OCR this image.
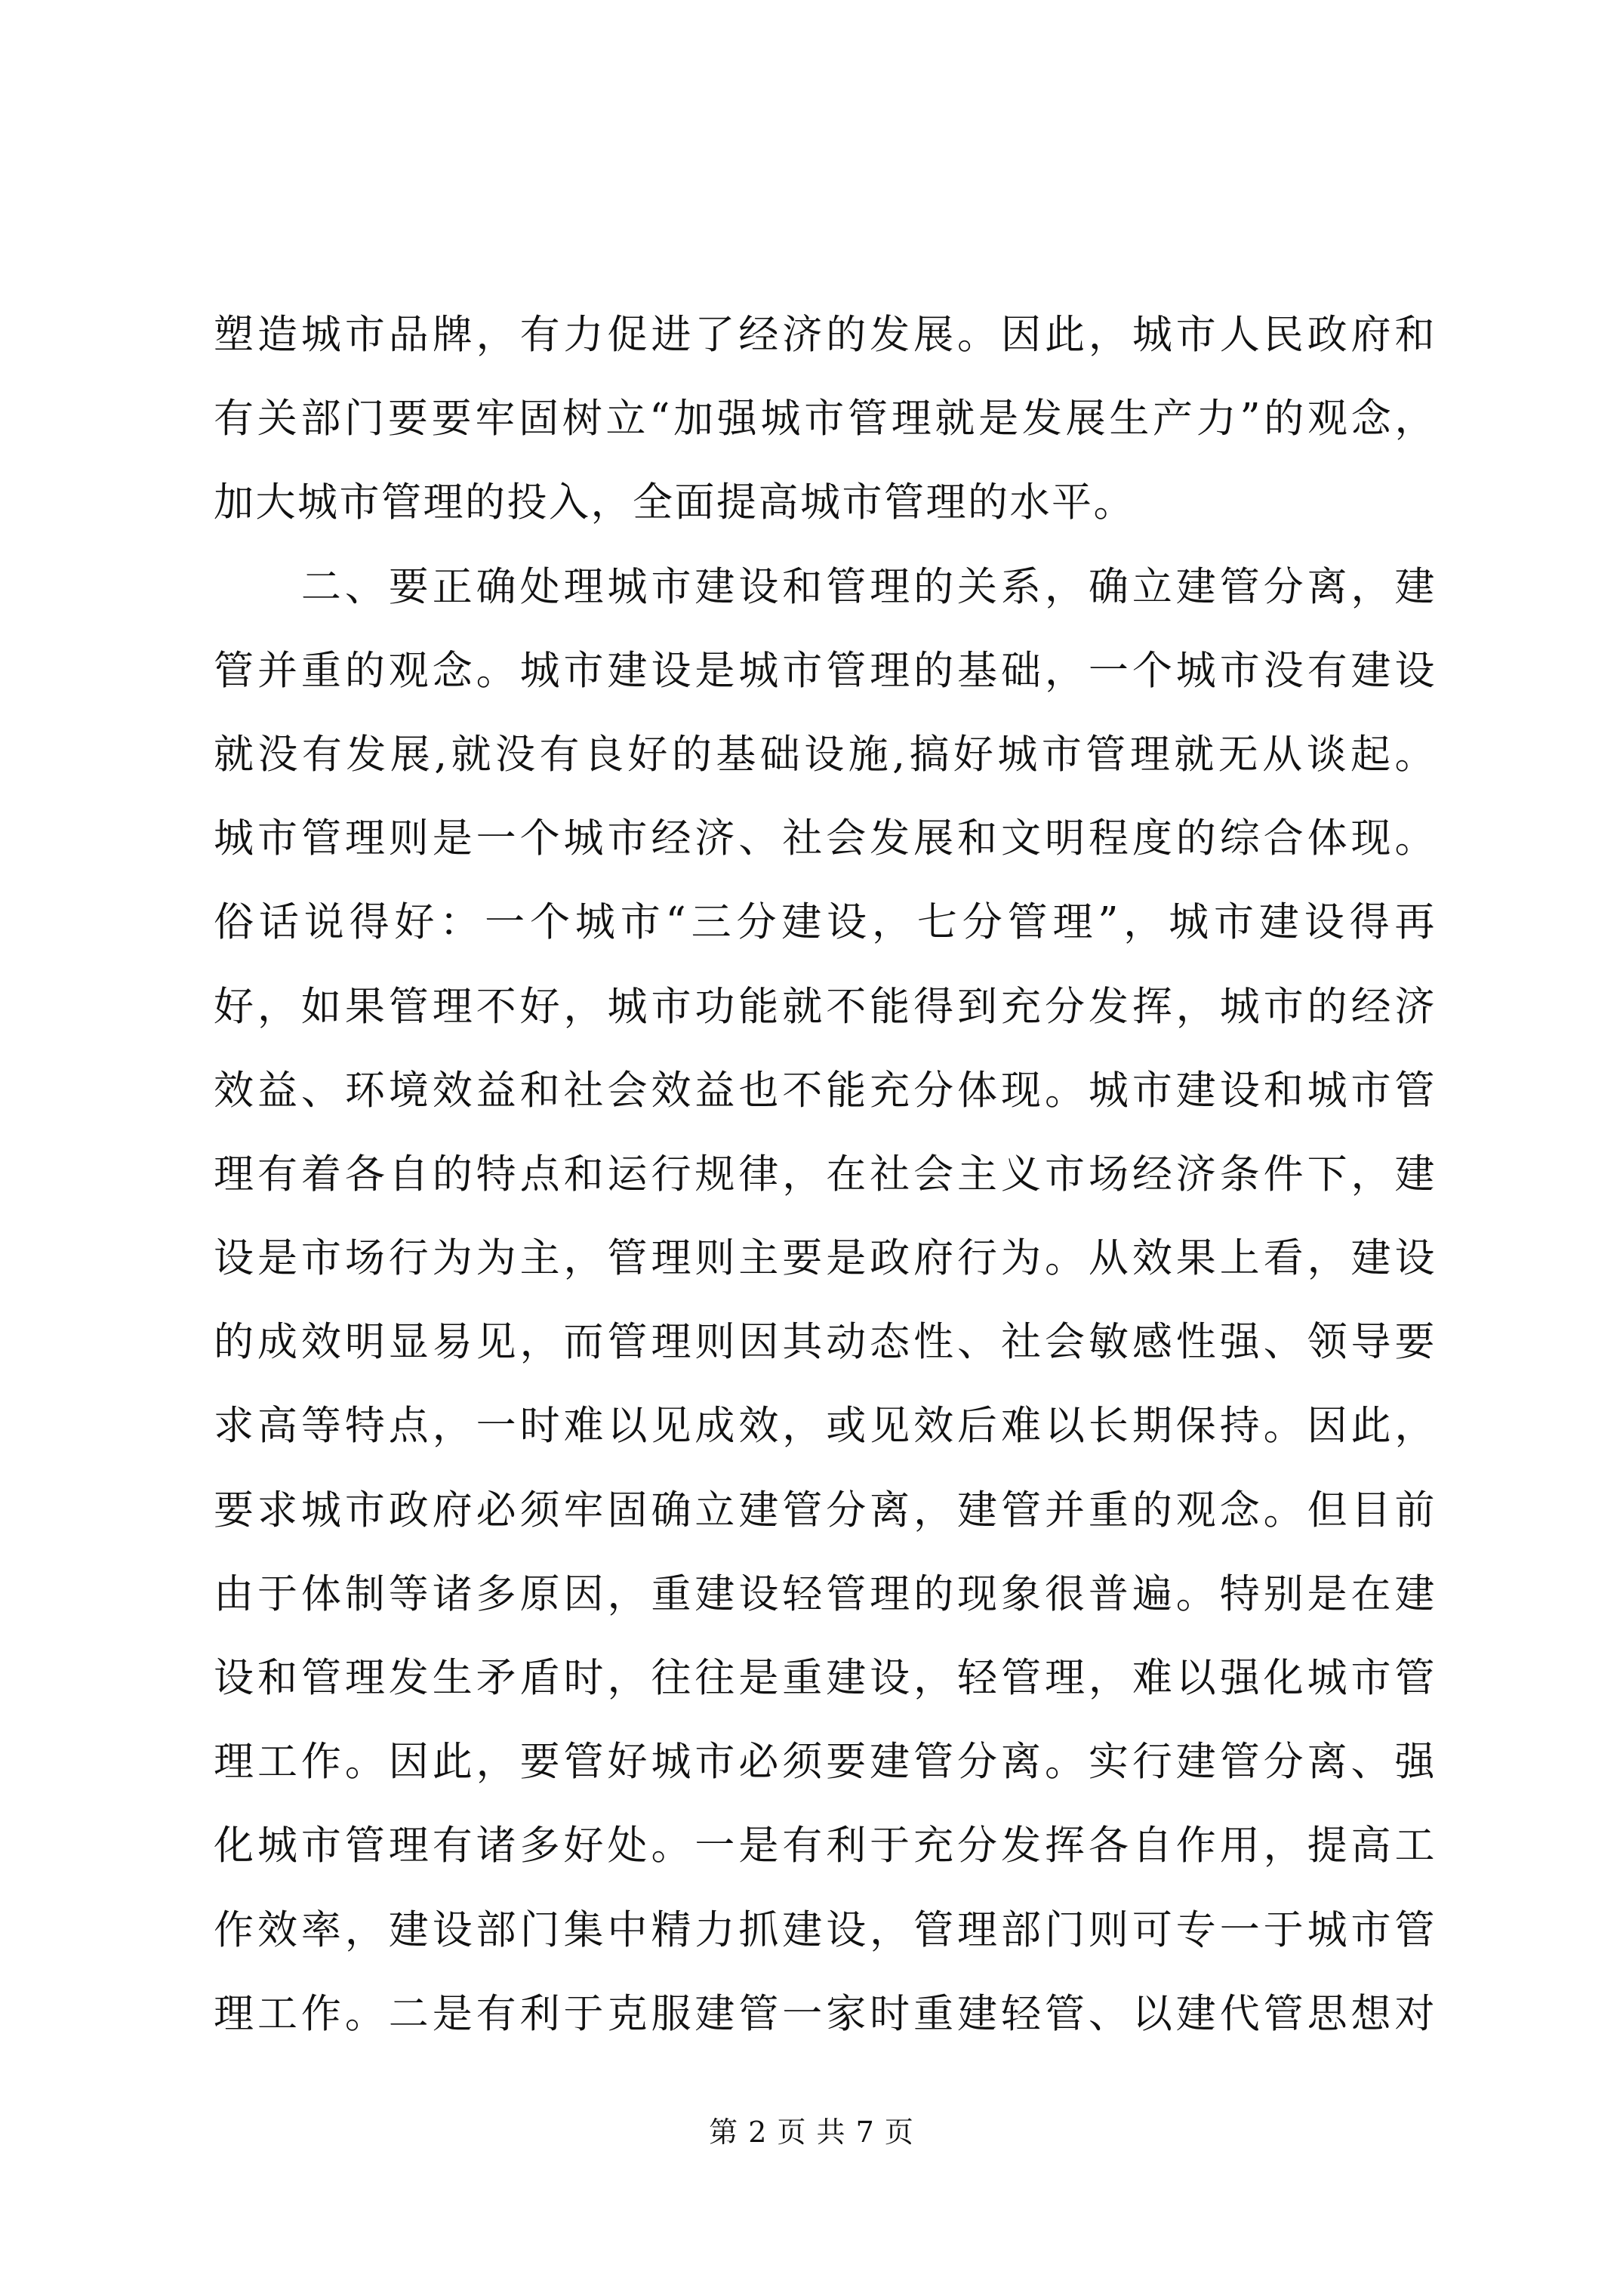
塑造城市品牌，有力促进了经济的发展。因此，城市人民政府和
有关部门要要牢固树立“加强城市管理就是发展生产力”的观念，
加大城市管理的投入，全面提高城市管理的水平。
　　二、要正确处理城市建设和管理的关系，确立建管分离，建
管并重的观念。城市建设是城市管理的基础，一个城市没有建设
就没有发展,就没有良好的基础设施,搞好城市管理就无从谈起。
城市管理则是一个城市经济、社会发展和文明程度的综合体现。
俗话说得好：一个城市“三分建设，七分管理”，城市建设得再
好，如果管理不好，城市功能就不能得到充分发挥，城市的经济
效益、环境效益和社会效益也不能充分体现。城市建设和城市管
理有着各自的特点和运行规律，在社会主义市场经济条件下，建
设是市场行为为主，管理则主要是政府行为。从效果上看，建设
的成效明显易见，而管理则因其动态性、社会敏感性强、领导要
求高等特点，一时难以见成效，或见效后难以长期保持。因此，
要求城市政府必须牢固确立建管分离，建管并重的观念。但目前
由于体制等诸多原因，重建设轻管理的现象很普遍。特别是在建
设和管理发生矛盾时，往往是重建设，轻管理，难以强化城市管
理工作。因此，要管好城市必须要建管分离。实行建管分离、强
化城市管理有诸多好处。一是有利于充分发挥各自作用，提高工
作效率，建设部门集中精力抓建设，管理部门则可专一于城市管
理工作。二是有利于克服建管一家时重建轻管、以建代管思想对
第 2 页 共 7 页
